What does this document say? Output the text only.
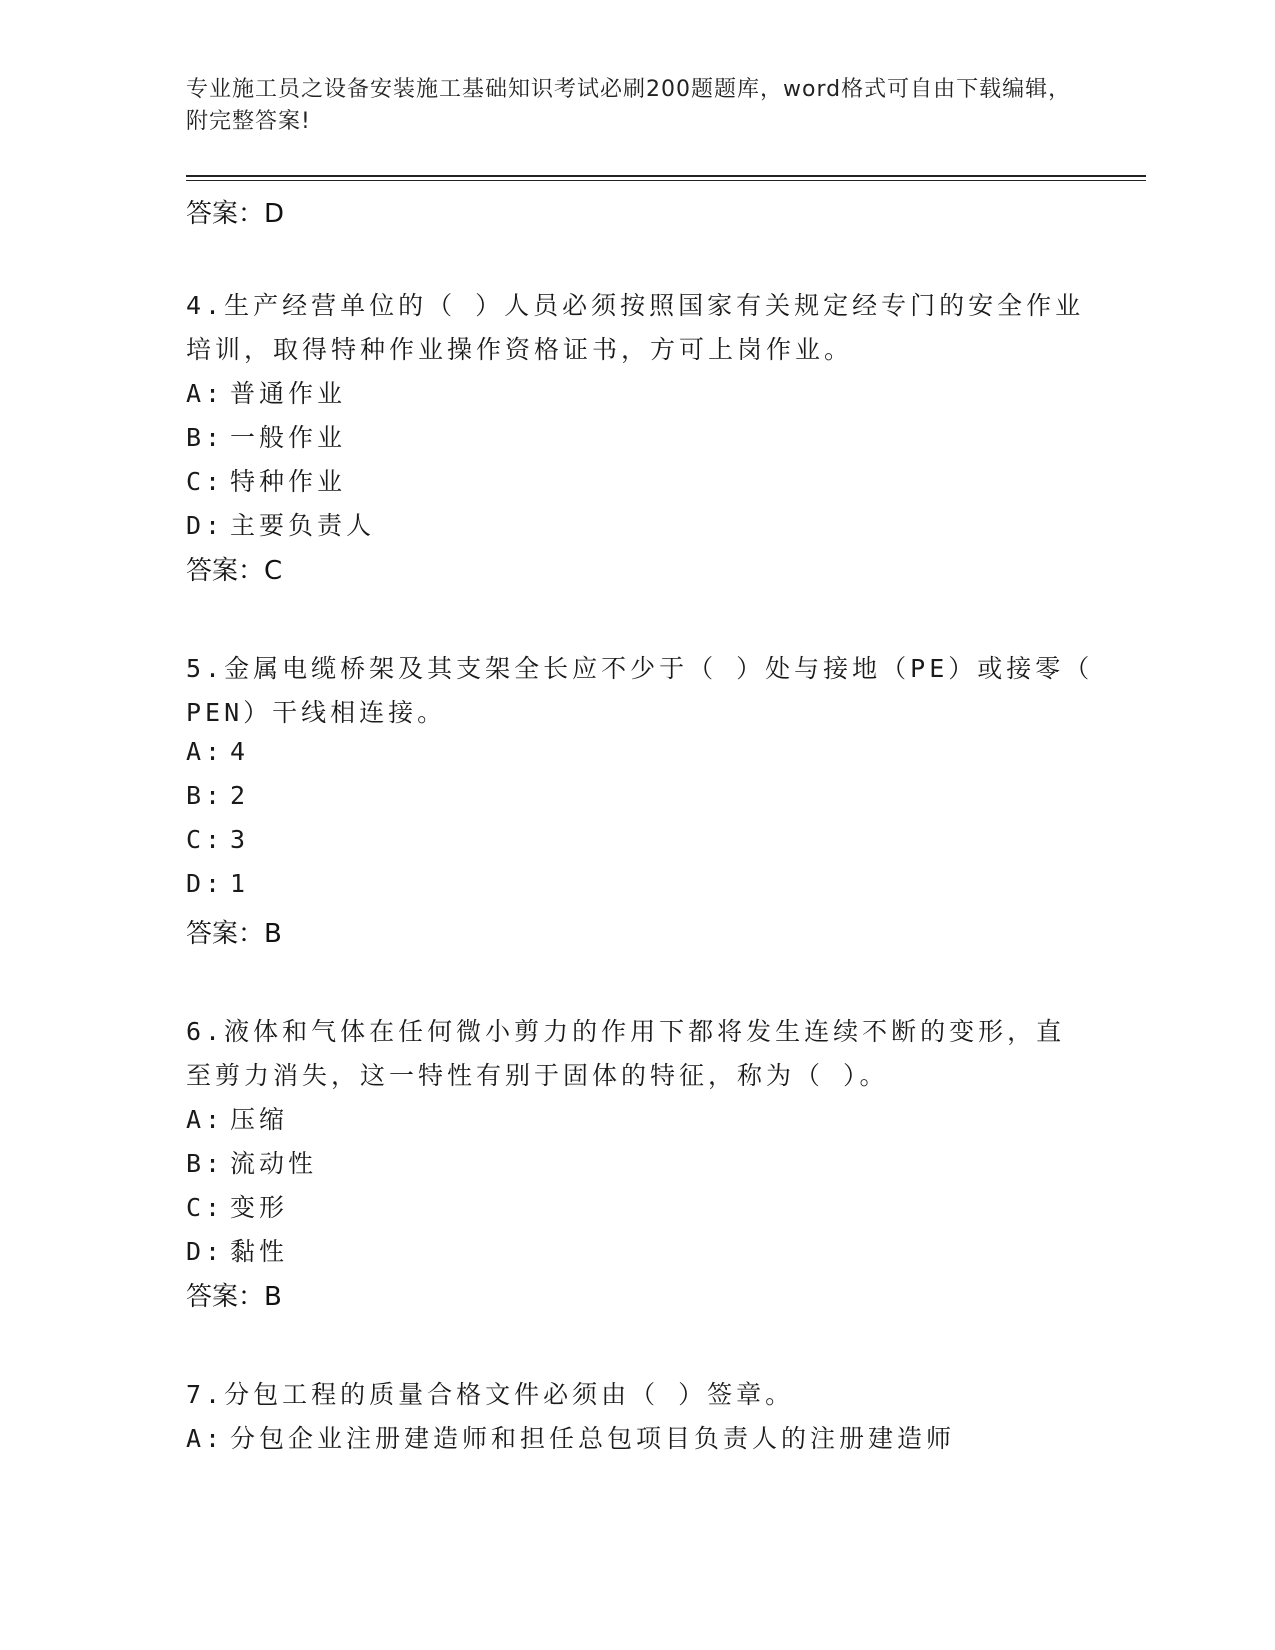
专业施工员之设备安装施工基础知识考试必刷200题题库，word格式可自由下载编辑，附完整答案!
答案：D
4.生产经营单位的（ ）人员必须按照国家有关规定经专门的安全作业
培训，取得特种作业操作资格证书，方可上岗作业。
A: 普通作业
B: 一般作业
C: 特种作业
D: 主要负责人
答案：C
5.金属电缆桥架及其支架全长应不少于（ ）处与接地（PE）或接零（
PEN）干线相连接。
A: 4
B: 2
C: 3
D: 1
答案：B
6.液体和气体在任何微小剪力的作用下都将发生连续不断的变形，直
至剪力消失，这一特性有别于固体的特征，称为（ ）。
A: 压缩
B: 流动性
C: 变形
D: 黏性
答案：B
7.分包工程的质量合格文件必须由（ ）签章。
A: 分包企业注册建造师和担任总包项目负责人的注册建造师
